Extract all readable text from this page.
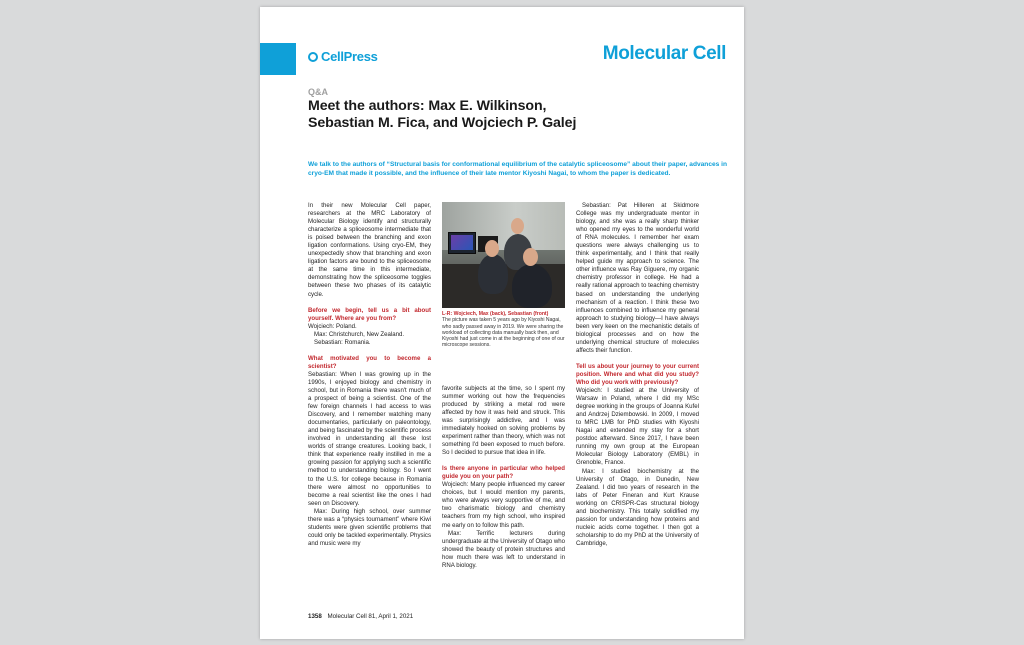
CellPress	Molecular Cell
Q&A
Meet the authors: Max E. Wilkinson,
Sebastian M. Fica, and Wojciech P. Galej
We talk to the authors of “Structural basis for conformational equilibrium of the catalytic spliceosome” about their paper, advances in cryo-EM that made it possible, and the influence of their late mentor Kiyoshi Nagai, to whom the paper is dedicated.

In their new Molecular Cell paper, researchers at the MRC Laboratory of Molecular Biology identify and structurally characterize a spliceosome intermediate that is poised between the branching and exon ligation conformations. Using cryo-EM, they unexpectedly show that branching and exon ligation factors are bound to the spliceosome at the same time in this intermediate, demonstrating how the spliceosome toggles between these two phases of its catalytic cycle.

Before we begin, tell us a bit about yourself. Where are you from?

Wojciech: Poland.

Max: Christchurch, New Zealand.

Sebastian: Romania.

What motivated you to become a scientist?

Sebastian: When I was growing up in the 1990s, I enjoyed biology and chemistry in school, but in Romania there wasn't much of a prospect of being a scientist. One of the few foreign channels I had access to was Discovery, and I remember watching many documentaries, particularly on paleontology, and being fascinated by the scientific process involved in understanding all these lost worlds of strange creatures. Looking back, I think that experience really instilled in me a growing passion for applying such a scientific method to understanding biology. So I went to the U.S. for college because in Romania there were almost no opportunities to become a real scientist like the ones I had seen on Discovery.

Max: During high school, over summer there was a “physics tournament” where Kiwi students were given scientific problems that could only be tackled experimentally. Physics and music were my

L-R: Wojciech, Max (back), Sebastian (front)
The picture was taken 5 years ago by Kiyoshi Nagai, who sadly passed away in 2019. We were sharing the workload of collecting data manually back then, and Kiyoshi had just come in at the beginning of one of our microscope sessions.

favorite subjects at the time, so I spent my summer working out how the frequencies produced by striking a metal rod were affected by how it was held and struck. This was surprisingly addictive, and I was immediately hooked on solving problems by experiment rather than theory, which was not something I'd been exposed to much before. So I decided to pursue that idea in life.

Is there anyone in particular who helped guide you on your path?

Wojciech: Many people influenced my career choices, but I would mention my parents, who were always very supportive of me, and two charismatic biology and chemistry teachers from my high school, who inspired me early on to follow this path.

Max: Terrific lecturers during undergraduate at the University of Otago who showed the beauty of protein structures and how much there was left to understand in RNA biology.

Sebastian: Pat Hilleren at Skidmore College was my undergraduate mentor in biology, and she was a really sharp thinker who opened my eyes to the wonderful world of RNA molecules. I remember her exam questions were always challenging us to think experimentally, and I think that really helped guide my approach to science. The other influence was Ray Giguere, my organic chemistry professor in college. He had a really rational approach to teaching chemistry based on understanding the underlying mechanism of a reaction. I think these two influences combined to influence my general approach to studying biology—I have always been very keen on the mechanistic details of biological processes and on how the underlying chemical structure of molecules affects their function.

Tell us about your journey to your current position. Where and what did you study? Who did you work with previously?

Wojciech: I studied at the University of Warsaw in Poland, where I did my MSc degree working in the groups of Joanna Kufel and Andrzej Dziembowski. In 2009, I moved to MRC LMB for PhD studies with Kiyoshi Nagai and extended my stay for a short postdoc afterward. Since 2017, I have been running my own group at the European Molecular Biology Laboratory (EMBL) in Grenoble, France.

Max: I studied biochemistry at the University of Otago, in Dunedin, New Zealand. I did two years of research in the labs of Peter Fineran and Kurt Krause working on CRISPR-Cas structural biology and biochemistry. This totally solidified my passion for understanding how proteins and nucleic acids come together. I then got a scholarship to do my PhD at the University of Cambridge,

1358 Molecular Cell 81, April 1, 2021
